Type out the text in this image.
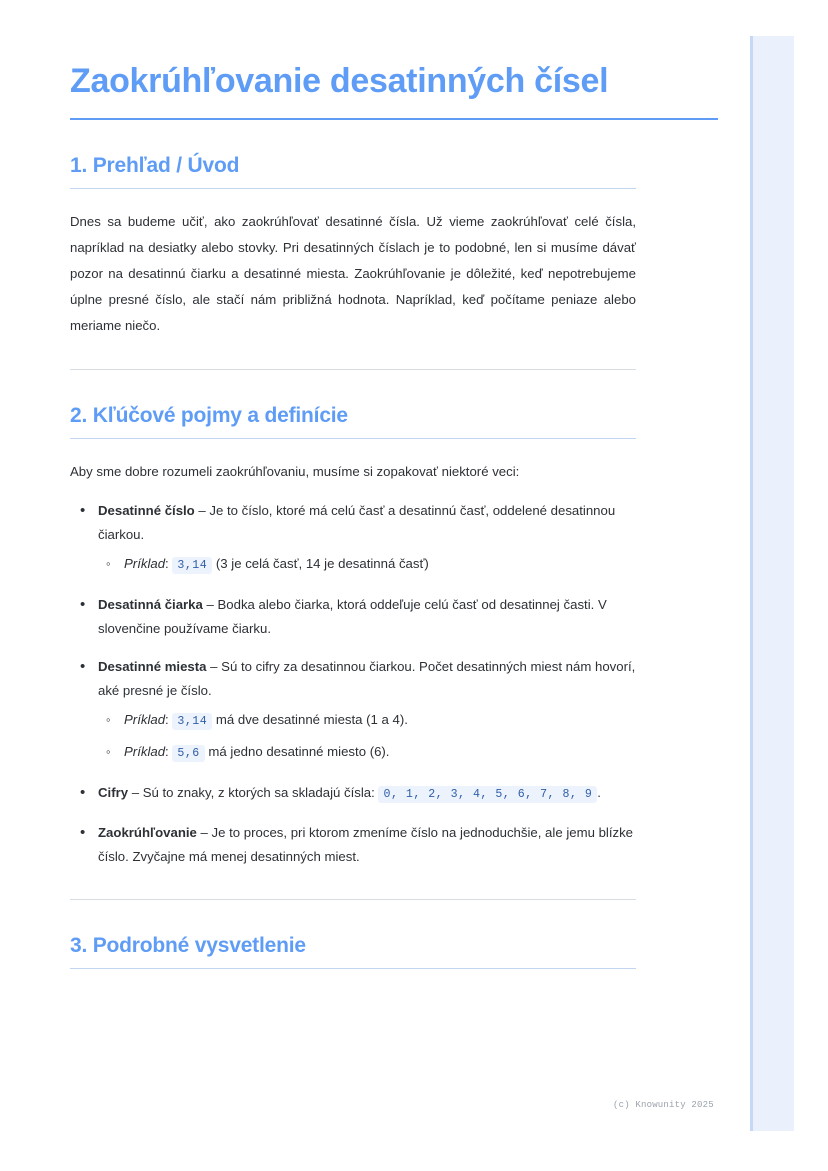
Zaokrúhľovanie desatinných čísel
1. Prehľad / Úvod

Dnes sa budeme učiť, ako zaokrúhľovať desatinné čísla. Už vieme zaokrúhľovať celé čísla, napríklad na desiatky alebo stovky. Pri desatinných číslach je to podobné, len si musíme dávať pozor na desatinnú čiarku a desatinné miesta. Zaokrúhľovanie je dôležité, keď nepotrebujeme úplne presné číslo, ale stačí nám približná hodnota. Napríklad, keď počítame peniaze alebo meriame niečo.

2. Kľúčové pojmy a definície

Aby sme dobre rozumeli zaokrúhľovaniu, musíme si zopakovať niektoré veci:

• Desatinné číslo – Je to číslo, ktoré má celú časť a desatinnú časť, oddelené desatinnou čiarkou.
◦ Príklad: 3,14 (3 je celá časť, 14 je desatinná časť)
• Desatinná čiarka – Bodka alebo čiarka, ktorá oddeľuje celú časť od desatinnej časti. V slovenčine používame čiarku.
• Desatinné miesta – Sú to cifry za desatinnou čiarkou. Počet desatinných miest nám hovorí, aké presné je číslo.
◦ Príklad: 3,14 má dve desatinné miesta (1 a 4).
◦ Príklad: 5,6 má jedno desatinné miesto (6).
• Cifry – Sú to znaky, z ktorých sa skladajú čísla: 0, 1, 2, 3, 4, 5, 6, 7, 8, 9 .
• Zaokrúhľovanie – Je to proces, pri ktorom zmeníme číslo na jednoduchšie, ale jemu blízke číslo. Zvyčajne má menej desatinných miest.
3. Podrobné vysvetlenie
(c) Knowunity 2025
